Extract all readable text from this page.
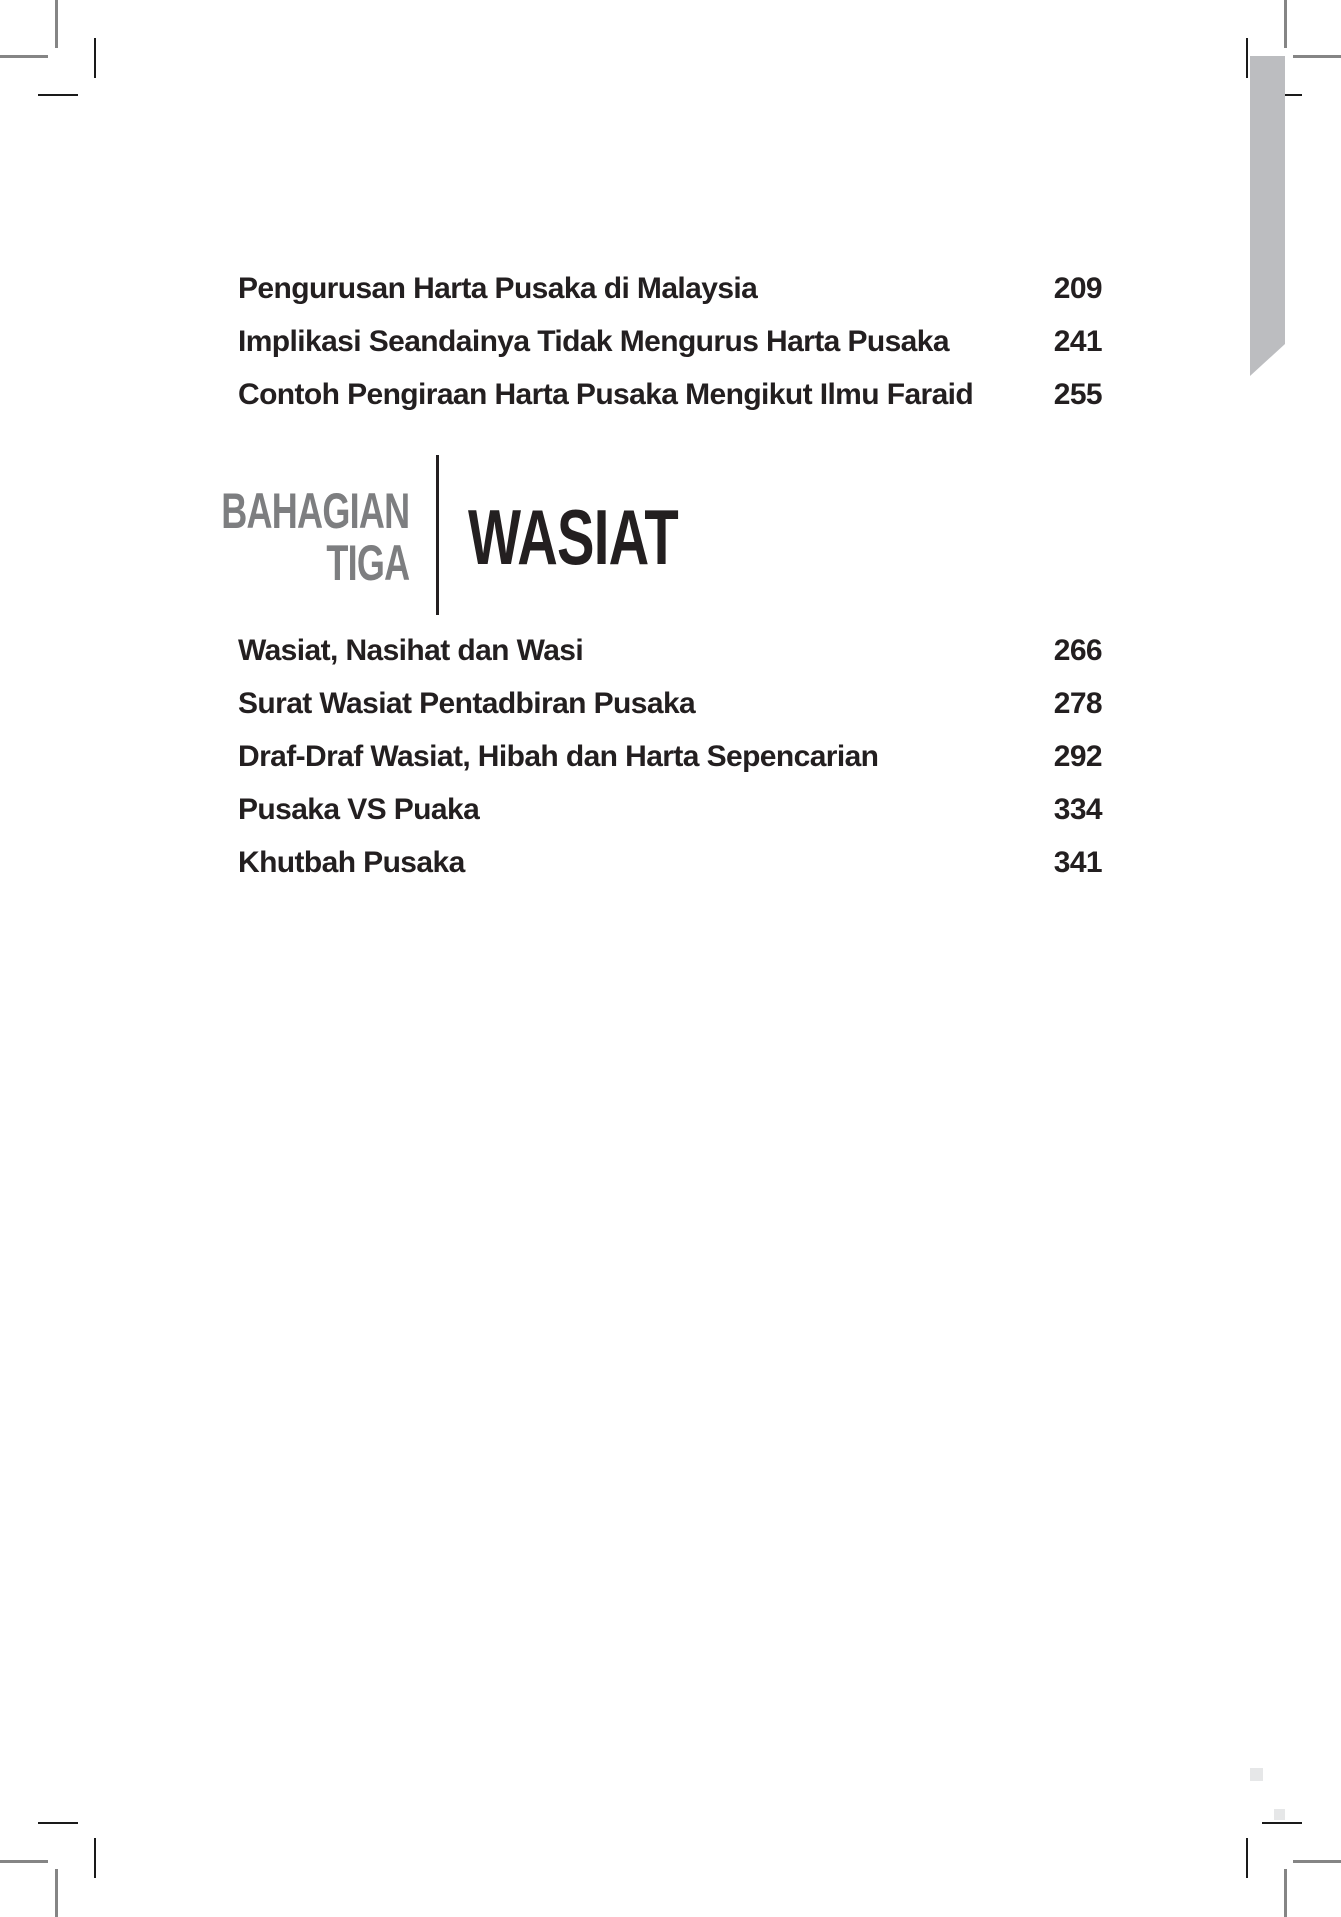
Pengurusan Harta Pusaka di Malaysia	209
Implikasi Seandainya Tidak Mengurus Harta Pusaka	241
Contoh Pengiraan Harta Pusaka Mengikut Ilmu Faraid	255
BAHAGIAN
TIGA WASIAT
Wasiat, Nasihat dan Wasi	266
Surat Wasiat Pentadbiran Pusaka	278
Draf-Draf Wasiat, Hibah dan Harta Sepencarian	292
Pusaka VS Puaka	334
Khutbah Pusaka	341
